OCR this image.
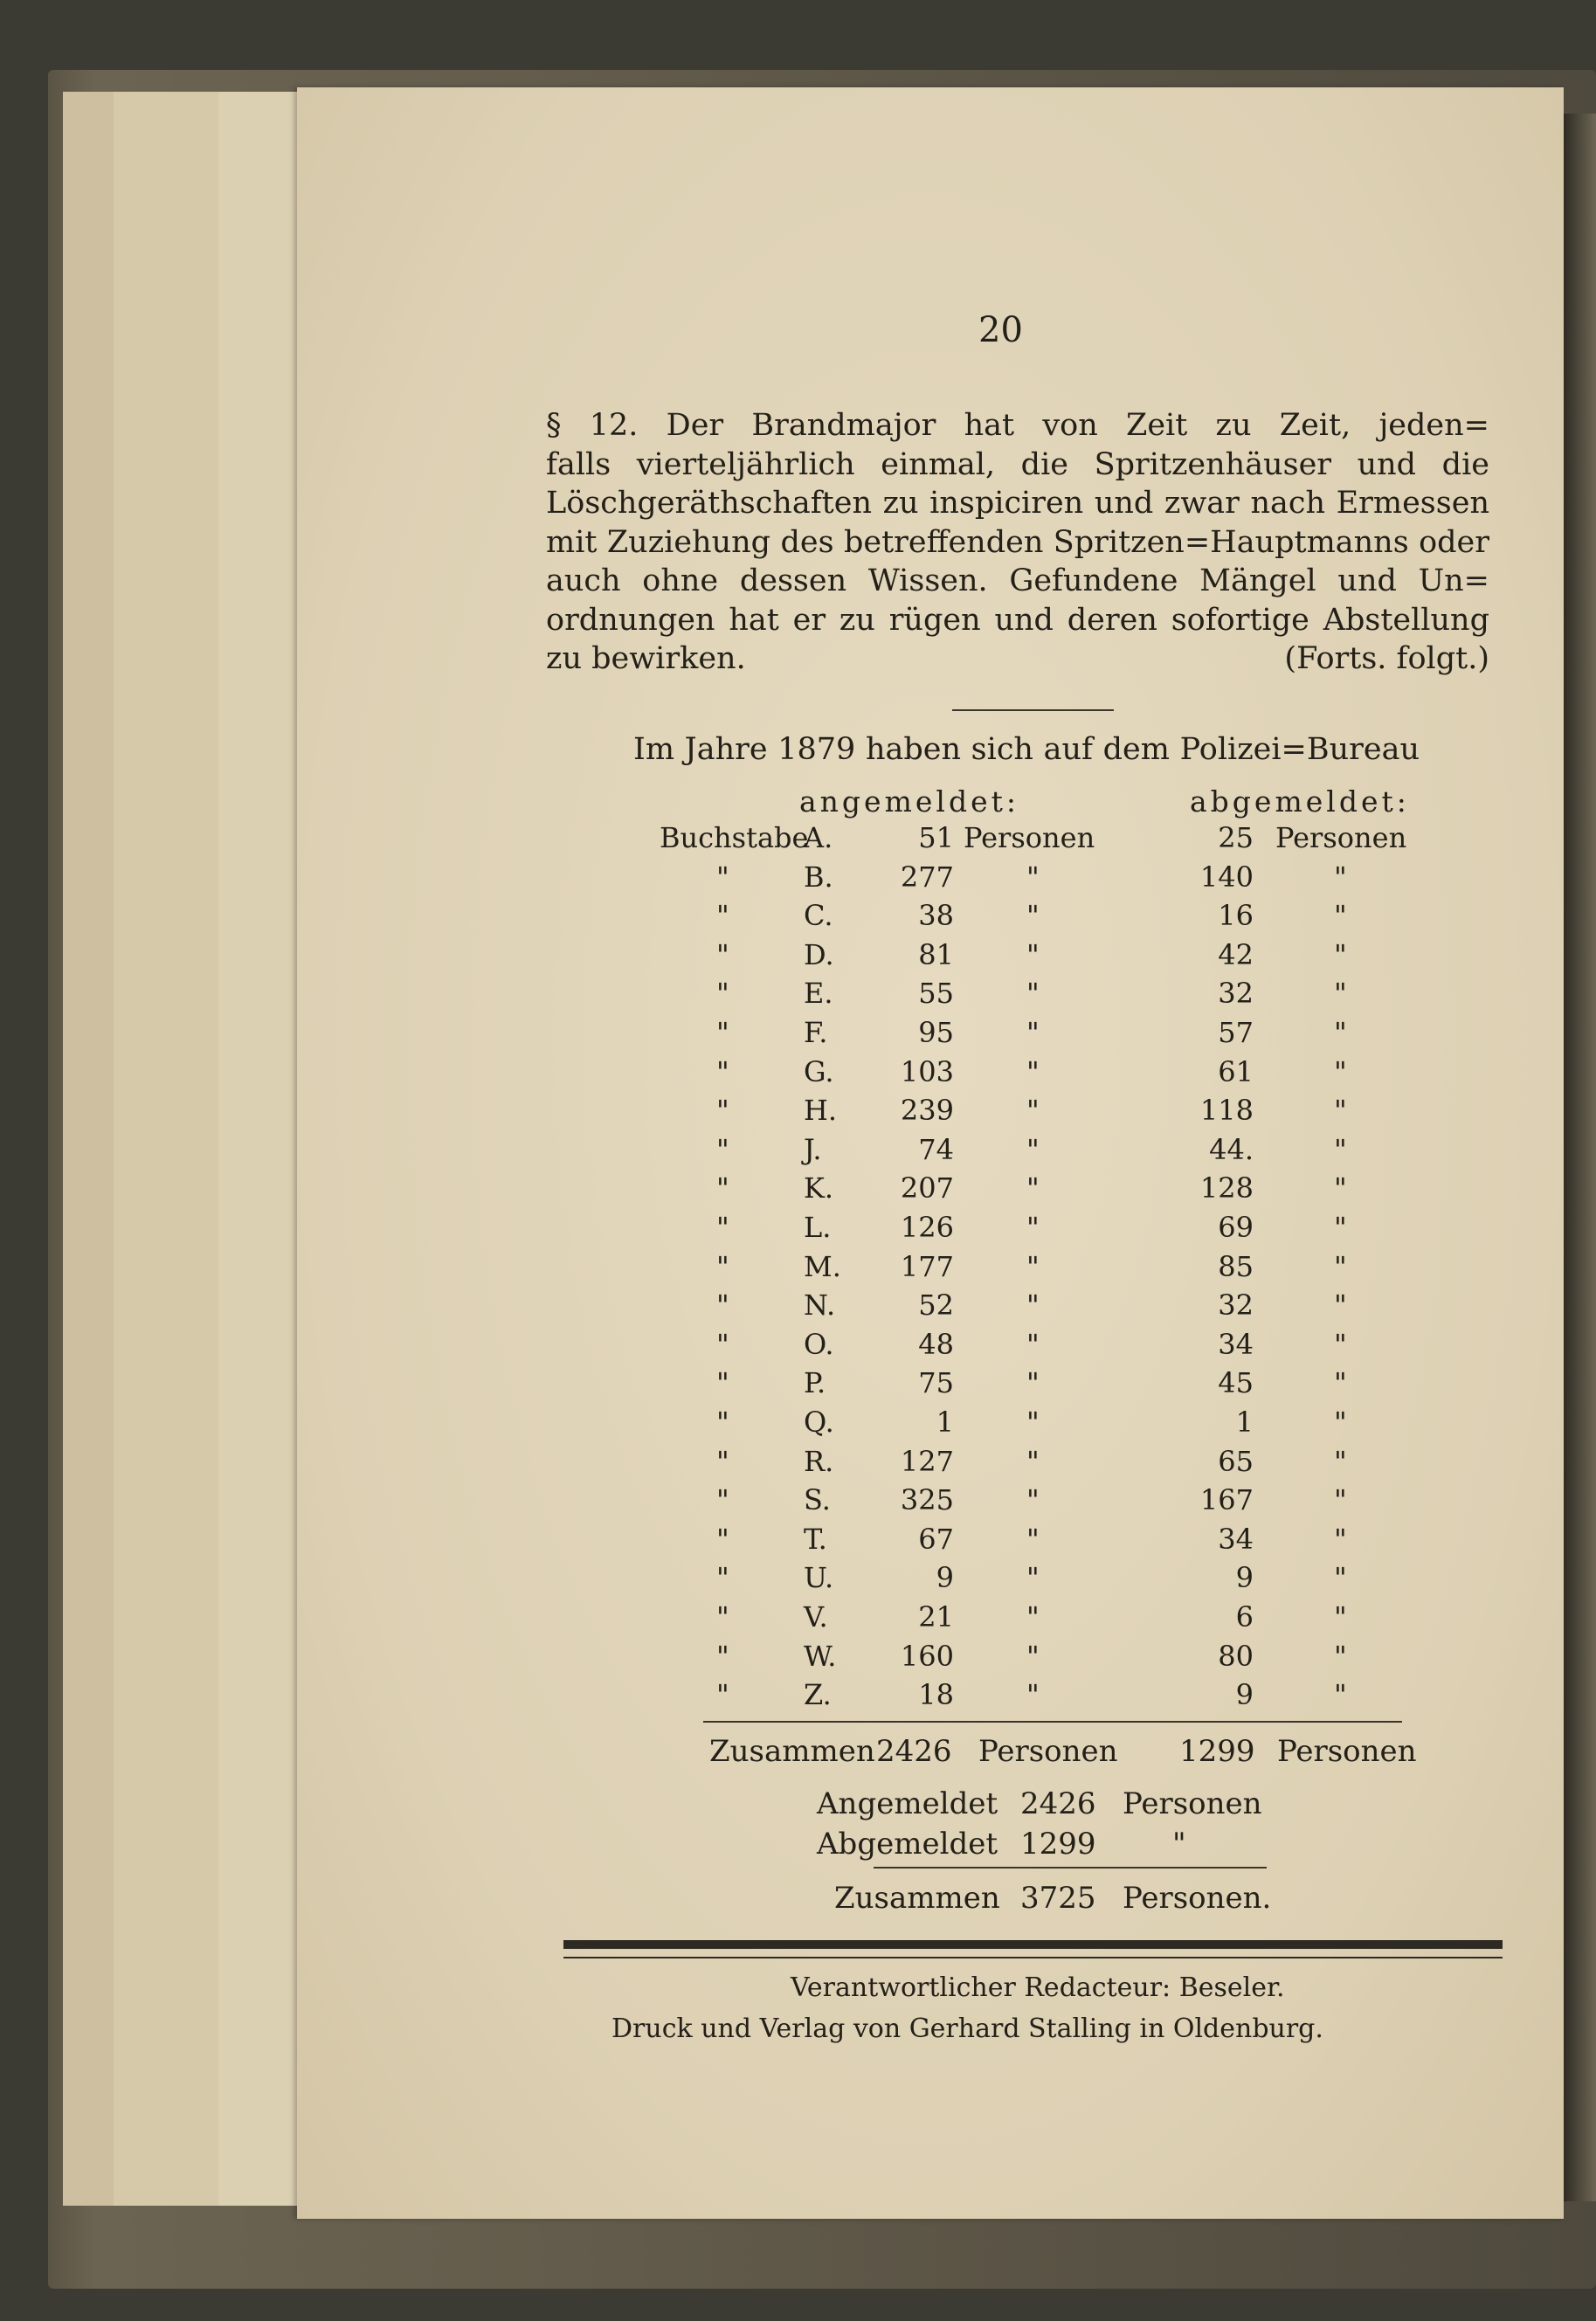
20
§ 12. Der Brandmajor hat von Zeit zu Zeit, jeden=
falls vierteljährlich einmal, die Spritzenhäuser und die
Löschgeräthschaften zu inspiciren und zwar nach Ermessen
mit Zuziehung des betreffenden Spritzen=Hauptmanns oder
auch ohne dessen Wissen. Gefundene Mängel und Un=
ordnungen hat er zu rügen und deren sofortige Abstellung
zu bewirken.	(Forts. folgt.)
Im Jahre 1879 haben sich auf dem Polizei=Bureau
angemeldet:	abgemeldet:
Buchstabe
A.	51 Personen	25 Personen
"	B.	277	"	140	"
"	C.	38	"	16	"
"	D.	81	"	42	"
"	E.	55	"	32	"
"	F.	95	"	57	"
"	G.	103	"	61	"
"	H.	239	"	118	"
"	J.	74	"	44.	"
"	K.	207	"	128	"
"	L.	126	"	69	"
"	M.	177	"	85	"
"	N.	52	"	32	"
"	O.	48	"	34	"
"	P.	75	"	45	"
"	Q.	1	"	1	"
"	R.	127	"	65	"
"	S.	325	"	167	"
"	T.	67	"	34	"
"	U.	9	"	9	"
"	V.	21	"	6	"
"	W.	160	"	80	"
"	Z.	18	"	9	"
Zusammen 2426 Personen 1299 Personen
Angemeldet 2426 Personen
Abgemeldet 1299	"
Zusammen 3725 Personen.
Verantwortlicher Redacteur: Beseler.
Druck und Verlag von Gerhard Stalling in Oldenburg.
